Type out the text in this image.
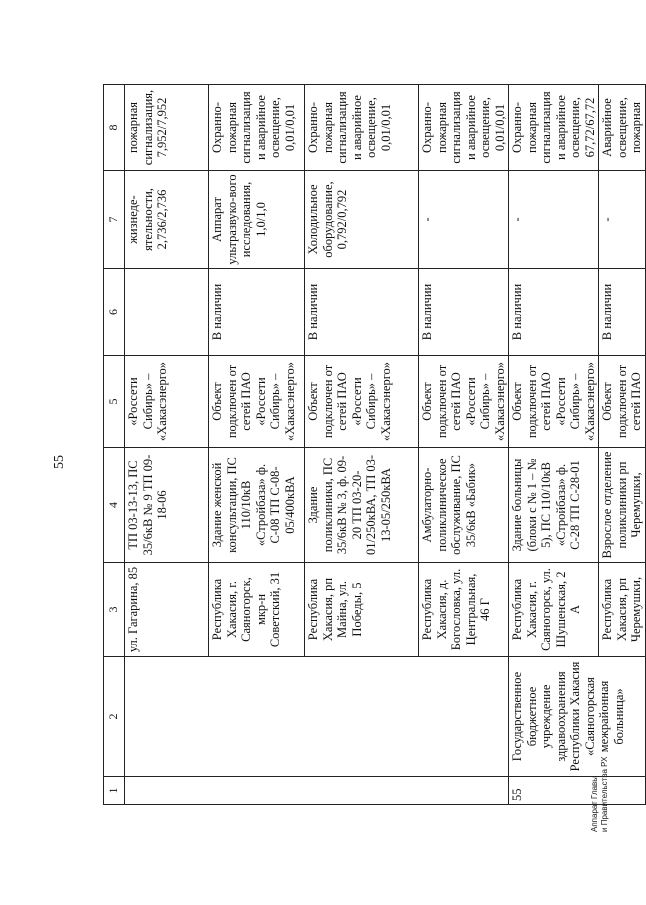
55
1	2	3	4	5	6	7	8
		ул. Гагарина, 85	ТП 03-13-13, ПС 35/6кВ № 9 ТП 09-18-06	«Россети Сибирь» – «Хакасэнерго»		жизнеде-ятельности, 2,736/2,736	пожарная сигнализация, 7,952/7,952
		Республика Хакасия, г. Саяногорск, мкр-н Советский, 31	Здание женской консультации, ПС 110/10кВ «Стройбаза» ф. С-08 ТП С-08-05/400кВА	Объект подключен от сетей ПАО «Россети Сибирь» – «Хакасэнерго»	В наличии	Аппарат ультразвуко-вого исследования, 1,0/1,0	Охранно-пожарная сигнализация и аварийное освещение, 0,01/0,01
		Республика Хакасия, рп Майна, ул. Победы, 5	Здание поликлиники, ПС 35/6кВ № 3, ф. 09-20 ТП 03-20-01/250кВА, ТП 03-13-05/250кВА	Объект подключен от сетей ПАО «Россети Сибирь» – «Хакасэнерго»	В наличии	Холодильное оборудование, 0,792/0,792	Охранно-пожарная сигнализация и аварийное освещение, 0,01/0,01
		Республика Хакасия, д. Богословка, ул. Центральная, 46 Г	Амбулаторно-поликлиническое обслуживание, ПС 35/6кВ «Бабик»	Объект подключен от сетей ПАО «Россети Сибирь» – «Хакасэнерго»	В наличии	-	Охранно-пожарная сигнализация и аварийное освещение, 0,01/0,01
55	Государственное бюджетное учреждение здравоохранения Республики Хакасия «Саяногорская межрайонная больница»	Республика Хакасия, г. Саяногорск, ул. Шушенская, 2 А	Здание больницы (блоки с № 1 – № 5), ПС 110/10кВ «Стройбаза» ф. С-28 ТП С-28-01	Объект подключен от сетей ПАО «Россети Сибирь» – «Хакасэнерго»	В наличии	-	Охранно-пожарная сигнализация и аварийное освещение, 67,72/67,72
		Республика Хакасия, рп Черемушки,	Взрослое отделение поликлиники рп Черемушки,	Объект подключен от сетей ПАО	В наличии	-	Аварийное освещение, пожарная
Аппарат Главы и Правительства РХ
